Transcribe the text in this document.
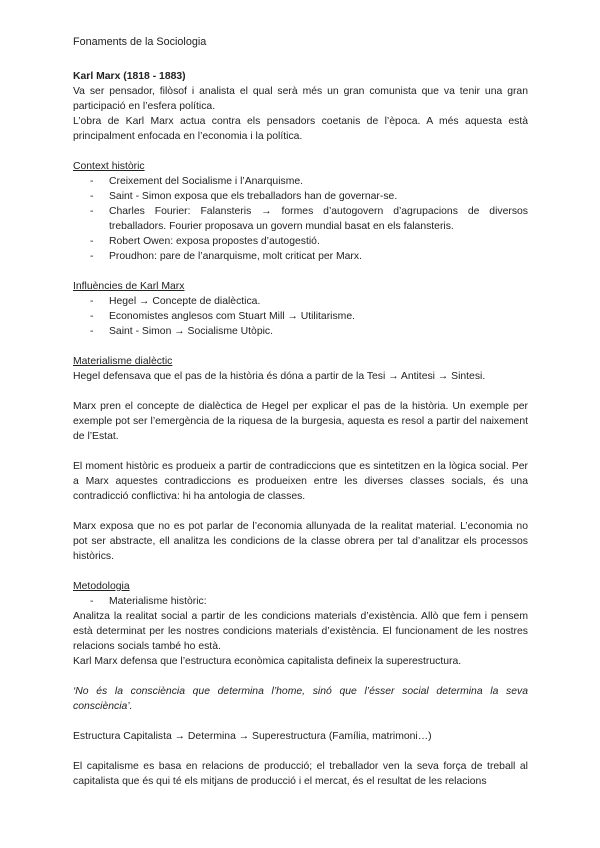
Fonaments de la Sociologia

Karl Marx (1818 - 1883)

Va ser pensador, filòsof i analista el qual serà més un gran comunista que va tenir una gran participació en l’esfera política.

L’obra de Karl Marx actua contra els pensadors coetanis de l’època. A més aquesta està principalment enfocada en l’economia i la política.

Context històric

- Creixement del Socialisme i l’Anarquisme.
- Saint - Simon exposa que els treballadors han de governar-se.
- Charles Fourier: Falansteris → formes d’autogovern d’agrupacions de diversos treballadors. Fourier proposava un govern mundial basat en els falansteris.
- Robert Owen: exposa propostes d’autogestió.
- Proudhon: pare de l’anarquisme, molt criticat per Marx.

Influències de Karl Marx

- Hegel → Concepte de dialèctica.
- Economistes anglesos com Stuart Mill → Utilitarisme.
- Saint - Simon → Socialisme Utòpic.

Materialisme dialèctic

Hegel defensava que el pas de la història és dóna a partir de la Tesi → Antitesi → Sintesi.

Marx pren el concepte de dialèctica de Hegel per explicar el pas de la història. Un exemple per exemple pot ser l’emergència de la riquesa de la burgesia, aquesta es resol a partir del naixement de l’Estat.

El moment històric es produeix a partir de contradiccions que es sintetitzen en la lògica social. Per a Marx aquestes contradiccions es produeixen entre les diverses classes socials, és una contradicció conflictiva: hi ha antologia de classes.

Marx exposa que no es pot parlar de l’economia allunyada de la realitat material. L’economia no pot ser abstracte, ell analitza les condicions de la classe obrera per tal d’analitzar els processos històrics.

Metodologia

- Materialisme històric:

Analitza la realitat social a partir de les condicions materials d’existència. Allò que fem i pensem està determinat per les nostres condicions materials d’existència. El funcionament de les nostres relacions socials també ho està.

Karl Marx defensa que l’estructura econòmica capitalista defineix la superestructura.

‘No és la consciència que determina l’home, sinó que l’ésser social determina la seva consciència’.

Estructura Capitalista → Determina → Superestructura (Família, matrimoni…)

El capitalisme es basa en relacions de producció; el treballador ven la seva força de treball al capitalista que és qui té els mitjans de producció i el mercat, és el resultat de les relacions
